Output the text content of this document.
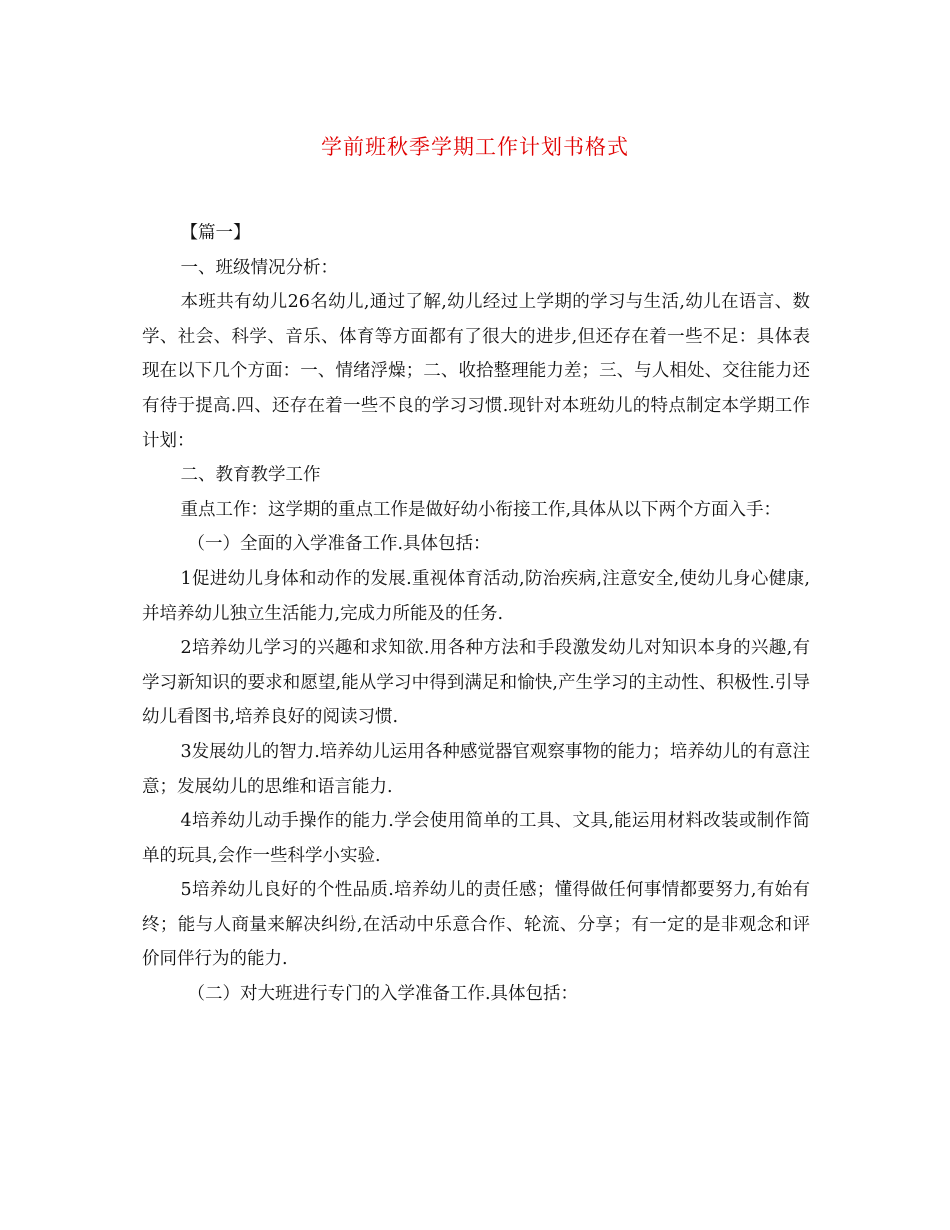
学前班秋季学期工作计划书格式

【篇一】

一、班级情况分析：

本班共有幼儿26名幼儿,通过了解,幼儿经过上学期的学习与生活,幼儿在语言、数学、社会、科学、音乐、体育等方面都有了很大的进步,但还存在着一些不足：具体表现在以下几个方面：一、情绪浮燥；二、收拾整理能力差；三、与人相处、交往能力还有待于提高.四、还存在着一些不良的学习习惯.现针对本班幼儿的特点制定本学期工作计划：

二、教育教学工作

重点工作：这学期的重点工作是做好幼小衔接工作,具体从以下两个方面入手：

（一）全面的入学准备工作.具体包括：

1促进幼儿身体和动作的发展.重视体育活动,防治疾病,注意安全,使幼儿身心健康,并培养幼儿独立生活能力,完成力所能及的任务.

2培养幼儿学习的兴趣和求知欲.用各种方法和手段激发幼儿对知识本身的兴趣,有学习新知识的要求和愿望,能从学习中得到满足和愉快,产生学习的主动性、积极性.引导幼儿看图书,培养良好的阅读习惯.

3发展幼儿的智力.培养幼儿运用各种感觉器官观察事物的能力；培养幼儿的有意注意；发展幼儿的思维和语言能力.

4培养幼儿动手操作的能力.学会使用简单的工具、文具,能运用材料改装或制作简单的玩具,会作一些科学小实验.

5培养幼儿良好的个性品质.培养幼儿的责任感；懂得做任何事情都要努力,有始有终；能与人商量来解决纠纷,在活动中乐意合作、轮流、分享；有一定的是非观念和评价同伴行为的能力.

（二）对大班进行专门的入学准备工作.具体包括：
